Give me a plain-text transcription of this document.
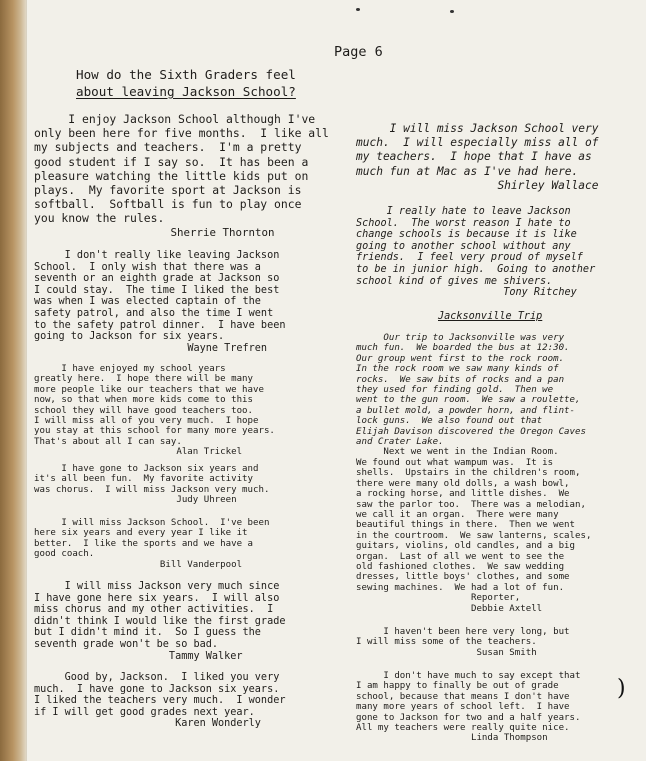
Page 6
How do the Sixth Graders feel
about leaving Jackson School?

I enjoy Jackson School although I've

only been here for five months.  I like all

my subjects and teachers.  I'm a pretty

good student if I say so.  It has been a

pleasure watching the little kids put on

plays.  My favorite sport at Jackson is

softball.  Softball is fun to play once

you know the rules.

Sherrie Thornton

I don't really like leaving Jackson

School.  I only wish that there was a

seventh or an eighth grade at Jackson so

I could stay.  The time I liked the best

was when I was elected captain of the

safety patrol, and also the time I went

to the safety patrol dinner.  I have been

going to Jackson for six years.

Wayne Trefren

I have enjoyed my school years

greatly here.  I hope there will be many

more people like our teachers that we have

now, so that when more kids come to this

school they will have good teachers too.

I will miss all of you very much.  I hope

you stay at this school for many more years.

That's about all I can say.

Alan Trickel

I have gone to Jackson six years and

it's all been fun.  My favorite activity

was chorus.  I will miss Jackson very much.

Judy Uhreen

I will miss Jackson School.  I've been

here six years and every year I like it

better.  I like the sports and we have a

good coach.

Bill Vanderpool

I will miss Jackson very much since

I have gone here six years.  I will also

miss chorus and my other activities.  I

didn't think I would like the first grade

but I didn't mind it.  So I guess the

seventh grade won't be so bad.

Tammy Walker

Good by, Jackson.  I liked you very

much.  I have gone to Jackson six years.

I liked the teachers very much.  I wonder

if I will get good grades next year.

Karen Wonderly

I will miss Jackson School very

much.  I will especially miss all of

my teachers.  I hope that I have as

much fun at Mac as I've had here.

Shirley Wallace

I really hate to leave Jackson

School.  The worst reason I hate to

change schools is because it is like

going to another school without any

friends.  I feel very proud of myself

to be in junior high.  Going to another

school kind of gives me shivers.

Tony Ritchey
Jacksonville Trip

Our trip to Jacksonville was very

much fun.  We boarded the bus at 12:30.

Our group went first to the rock room.

In the rock room we saw many kinds of

rocks.  We saw bits of rocks and a pan

they used for finding gold.  Then we

went to the gun room.  We saw a roulette,

a bullet mold, a powder horn, and flint-

lock guns.  We also found out that

Elijah Davison discovered the Oregon Caves

and Crater Lake.

Next we went in the Indian Room.

We found out what wampum was.  It is

shells.  Upstairs in the children's room,

there were many old dolls, a wash bowl,

a rocking horse, and little dishes.  We

saw the parlor too.  There was a melodian,

we call it an organ.  There were many

beautiful things in there.  Then we went

in the courtroom.  We saw lanterns, scales,

guitars, violins, old candles, and a big

organ.  Last of all we went to see the

old fashioned clothes.  We saw wedding

dresses, little boys' clothes, and some

sewing machines.  We had a lot of fun.

Reporter,
Debbie Axtell

I haven't been here very long, but

I will miss some of the teachers.

Susan Smith

I don't have much to say except that

I am happy to finally be out of grade

school, because that means I don't have

many more years of school left.  I have

gone to Jackson for two and a half years.

All my teachers were really quite nice.

Linda Thompson
)
